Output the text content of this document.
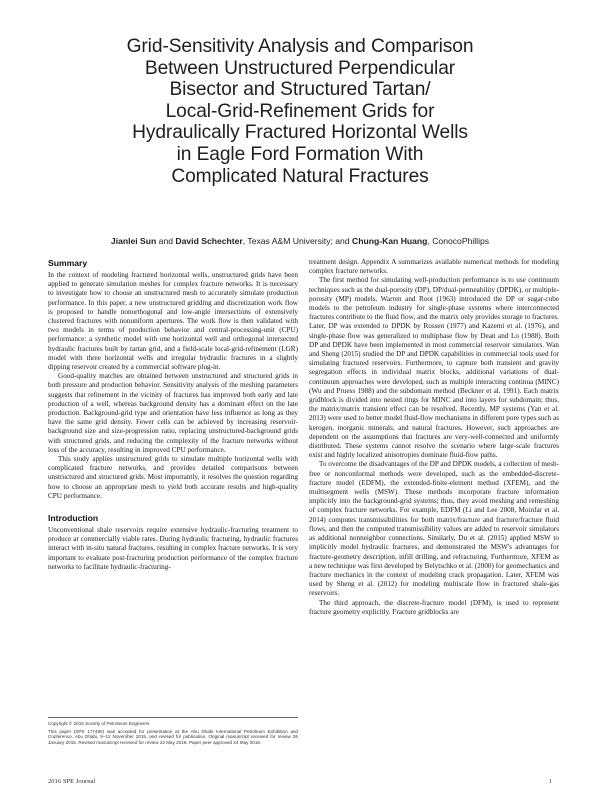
Grid-Sensitivity Analysis and Comparison
Between Unstructured Perpendicular
Bisector and Structured Tartan/
Local-Grid-Refinement Grids for
Hydraulically Fractured Horizontal Wells
in Eagle Ford Formation With
Complicated Natural Fractures
Jianlei Sun and David Schechter, Texas A&M University; and Chung-Kan Huang, ConocoPhillips
Summary

In the context of modeling fractured horizontal wells, unstructured grids have been applied to generate simulation meshes for complex fracture networks. It is necessary to investigate how to choose an unstructured mesh to accurately simulate production performance. In this paper, a new unstructured gridding and discretization work flow is proposed to handle nonorthogonal and low-angle intersections of extensively clustered fractures with nonuniform apertures. The work flow is then validated with two models in terms of production behavior and central-processing-unit (CPU) performance: a synthetic model with one horizontal well and orthogonal intersected hydraulic fractures built by tartan grid, and a field-scale local-grid-refinement (LGR) model with three horizontal wells and irregular hydraulic fractures in a slightly dipping reservoir created by a commercial software plug-in.

Good-quality matches are obtained between unstructured and structured grids in both pressure and production behavior. Sensitivity analysis of the meshing parameters suggests that refinement in the vicinity of fractures has improved both early and late production of a well, whereas background density has a dominant effect on the late production. Background-grid type and orientation have less influence as long as they have the same grid density. Fewer cells can be achieved by increasing reservoir-background size and size-progression ratio, replacing unstructured-background grids with structured grids, and reducing the complexity of the fracture networks without loss of the accuracy, resulting in improved CPU performance.

This study applies unstructured grids to simulate multiple horizontal wells with complicated fracture networks, and provides detailed comparisons between unstructured and structured grids. Most importantly, it resolves the question regarding how to choose an appropriate mesh to yield both accurate results and high-quality CPU performance.

Introduction

Unconventional shale reservoirs require extensive hydraulic-fracturing treatment to produce at commercially viable rates. During hydraulic fracturing, hydraulic fractures interact with in-situ natural fractures, resulting in complex fracture networks. It is very important to evaluate post-fracturing production performance of the complex fracture networks to facilitate hydraulic-fracturing-

treatment design. Appendix A summarizes available numerical methods for modeling complex fracture networks.

The first method for simulating well-production performance is to use continuum techniques such as the dual-porosity (DP), DP/dual-permeability (DPDK), or multiple-porosity (MP) models. Warren and Root (1963) introduced the DP or sugar-cube models to the petroleum industry for single-phase systems where interconnected fractures contribute to the fluid flow, and the matrix only provides storage to fractures. Later, DP was extended to DPDK by Rossen (1977) and Kazemi et al. (1976), and single-phase flow was generalized to multiphase flow by Dean and Lo (1988). Both DP and DPDK have been implemented in most commercial reservoir simulators. Wan and Sheng (2015) studied the DP and DPDK capabilities in commercial tools used for simulating fractured reservoirs. Furthermore, to capture both transient and gravity segregation effects in individual matrix blocks, additional variations of dual-continuum approaches were developed, such as multiple interacting continua (MINC) (Wu and Pruess 1988) and the subdomain method (Beckner et al. 1991). Each matrix gridblock is divided into nested rings for MINC and into layers for subdomain; thus, the matrix/matrix transient effect can be resolved. Recently, MP systems (Yan et al. 2013) were used to better model fluid-flow mechanisms in different pore types such as kerogen, inorganic minerals, and natural fractures. However, such approaches are dependent on the assumptions that fractures are very-well-connected and uniformly distributed. These systems cannot resolve the scenario where large-scale fractures exist and highly localized anisotropies dominate fluid-flow paths.

To overcome the disadvantages of the DP and DPDK models, a collection of mesh-free or nonconformal methods were developed, such as the embedded-discrete-fracture model (EDFM), the extended-finite-element method (XFEM), and the multisegment wells (MSW). These methods incorporate fracture information implicitly into the background-grid systems; thus, they avoid meshing and remeshing of complex fracture networks. For example, EDFM (Li and Lee 2008, Moinfar et al. 2014) computes transmissibilities for both matrix/fracture and fracture/fracture fluid flows, and then the computed transmissibility values are added to reservoir simulators as additional nonneighbor connections. Similarly, Du et al. (2015) applied MSW to implicitly model hydraulic fractures, and demonstrated the MSW's advantages for fracture-geometry description, infill drilling, and refracturing. Furthermore, XFEM as a new technique was first developed by Belytschko et al. (2000) for geomechanics and fracture mechanics in the context of modeling crack propagation. Later, XFEM was used by Sheng et al. (2012) for modeling multiscale flow in fractured shale-gas reservoirs.

The third approach, the discrete-fracture model (DFM), is used to represent fracture geometry explicitly. Fracture gridblocks are

Copyright © 2016 Society of Petroleum Engineers

This paper (SPE 177480) was accepted for presentation at the Abu Dhabi International Petroleum Exhibition and Conference, Abu Dhabi, 9–12 November 2015, and revised for publication. Original manuscript received for review 26 January 2015. Revised manuscript received for review 22 May 2016. Paper peer approved 24 May 2016.

2016 SPE Journal	1
